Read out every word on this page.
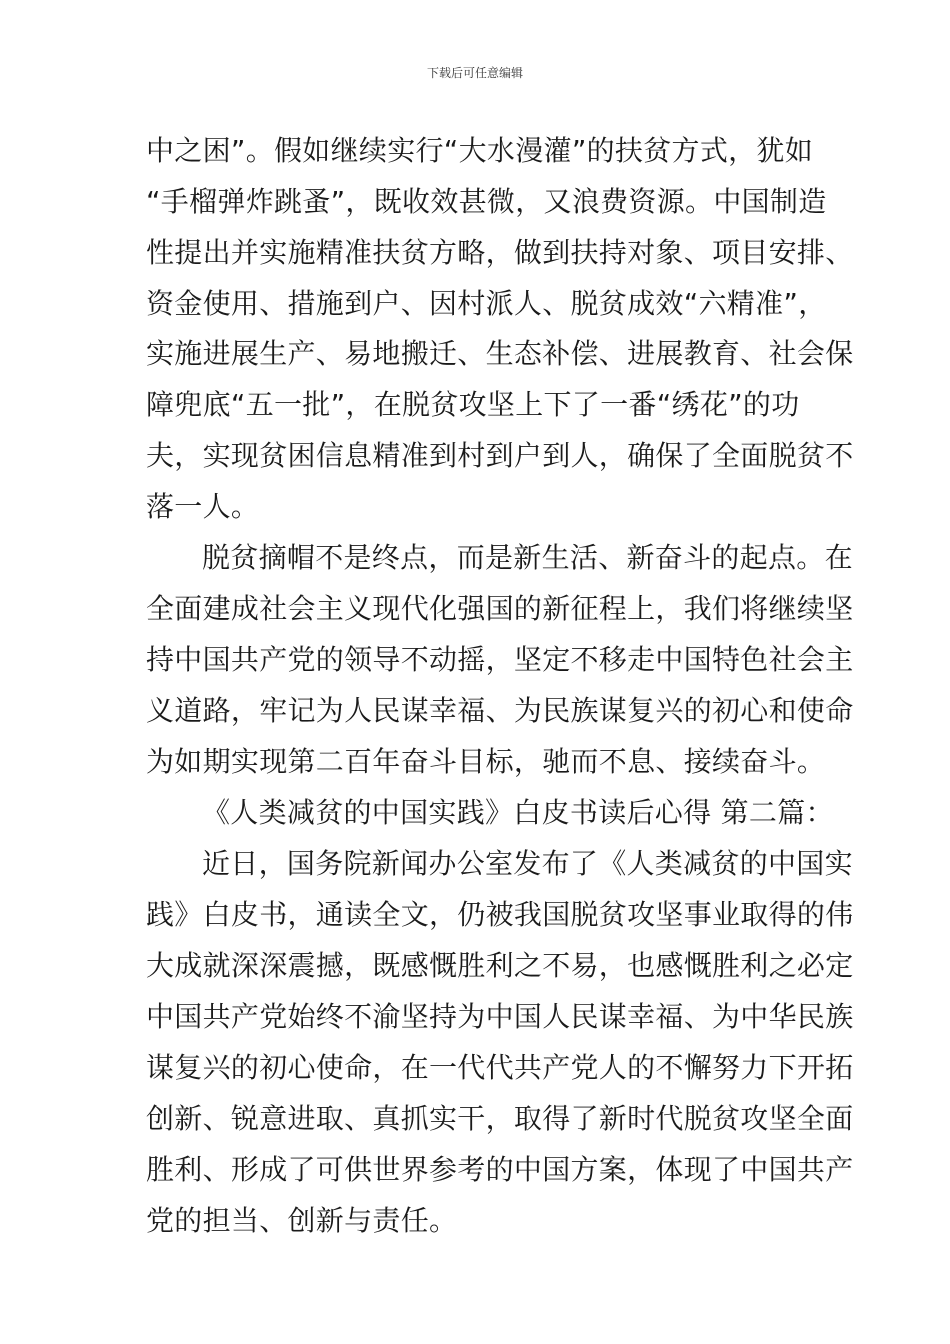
下载后可任意编辑
中之困”。假如继续实行“大水漫灌”的扶贫方式，犹如
“手榴弹炸跳蚤”，既收效甚微，又浪费资源。中国制造
性提出并实施精准扶贫方略，做到扶持对象、项目安排、
资金使用、措施到户、因村派人、脱贫成效“六精准”，
实施进展生产、易地搬迁、生态补偿、进展教育、社会保
障兜底“五一批”，在脱贫攻坚上下了一番“绣花”的功
夫，实现贫困信息精准到村到户到人，确保了全面脱贫不
落一人。
脱贫摘帽不是终点，而是新生活、新奋斗的起点。在
全面建成社会主义现代化强国的新征程上，我们将继续坚
持中国共产党的领导不动摇，坚定不移走中国特色社会主
义道路，牢记为人民谋幸福、为民族谋复兴的初心和使命
为如期实现第二百年奋斗目标，驰而不息、接续奋斗。
《人类减贫的中国实践》白皮书读后心得 第二篇：
近日，国务院新闻办公室发布了《人类减贫的中国实
践》白皮书，通读全文，仍被我国脱贫攻坚事业取得的伟
大成就深深震撼，既感慨胜利之不易，也感慨胜利之必定
中国共产党始终不渝坚持为中国人民谋幸福、为中华民族
谋复兴的初心使命，在一代代共产党人的不懈努力下开拓
创新、锐意进取、真抓实干，取得了新时代脱贫攻坚全面
胜利、形成了可供世界参考的中国方案，体现了中国共产
党的担当、创新与责任。
